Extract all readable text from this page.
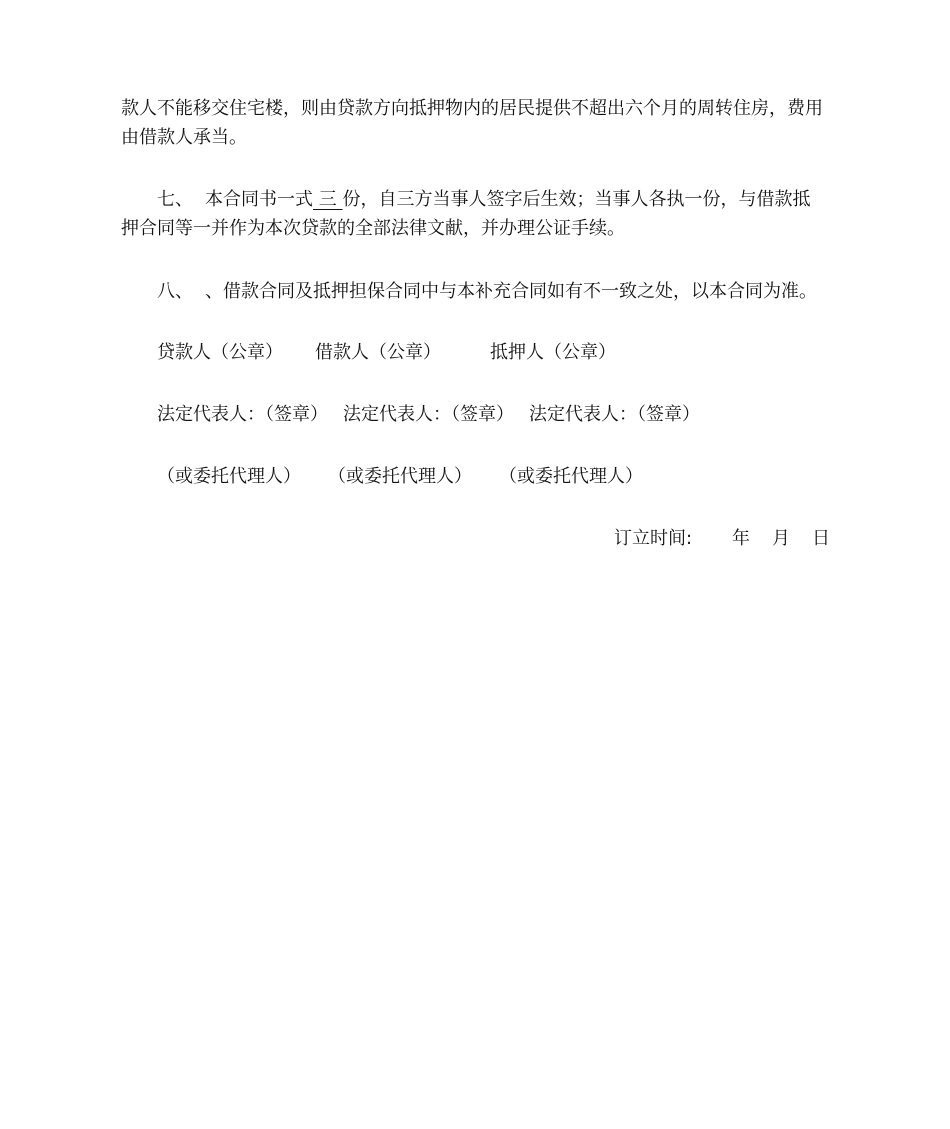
款人不能移交住宅楼，则由贷款方向抵押物内的居民提供不超出六个月的周转住房，费用
由借款人承当。
七、 本合同书一式 三 份，自三方当事人签字后生效；当事人各执一份，与借款抵
押合同等一并作为本次贷款的全部法律文献，并办理公证手续。
八、 、借款合同及抵押担保合同中与本补充合同如有不一致之处，以本合同为准。
贷款人（公章） 借款人（公章）	抵押人（公章）
法定代表人：（签章） 法定代表人：（签章） 法定代表人：（签章）
（或委托代理人） （或委托代理人） （或委托代理人）
订立时间: 年 月 日
